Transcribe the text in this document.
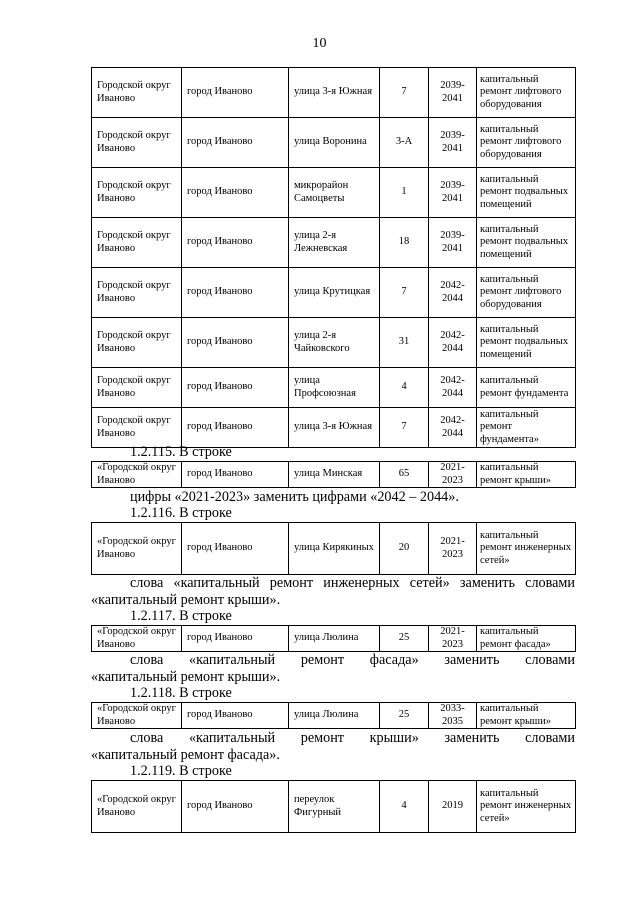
10
Городской округ Иваново	город Иваново	улица 3-я Южная	7	2039-2041	капитальный ремонт лифтового оборудования
Городской округ Иваново	город Иваново	улица Воронина	3-А	2039-2041	капитальный ремонт лифтового оборудования
Городской округ Иваново	город Иваново	микрорайон Самоцветы	1	2039-2041	капитальный ремонт подвальных помещений
Городской округ Иваново	город Иваново	улица 2-я Лежневская	18	2039-2041	капитальный ремонт подвальных помещений
Городской округ Иваново	город Иваново	улица Крутицкая	7	2042-2044	капитальный ремонт лифтового оборудования
Городской округ Иваново	город Иваново	улица 2-я Чайковского	31	2042-2044	капитальный ремонт подвальных помещений
Городской округ Иваново	город Иваново	улица Профсоюзная	4	2042-2044	капитальный ремонт фундамента
Городской округ Иваново	город Иваново	улица 3-я Южная	7	2042-2044	капитальный ремонт фундамента»

1.2.115. В строке

«Городской округ Иваново	город Иваново	улица Минская	65	2021-2023	капитальный ремонт крыши»

цифры «2021-2023» заменить цифрами «2042 – 2044».

1.2.116. В строке

«Городской округ Иваново	город Иваново	улица Кирякиных	20	2021-2023	капитальный ремонт инженерных сетей»

слова «капитальный ремонт инженерных сетей» заменить словами

«капитальный ремонт крыши».

1.2.117. В строке

«Городской округ Иваново	город Иваново	улица Люлина	25	2021-2023	капитальный ремонт фасада»

слова «капитальный ремонт фасада» заменить словами

«капитальный ремонт крыши».

1.2.118. В строке

«Городской округ Иваново	город Иваново	улица Люлина	25	2033-2035	капитальный ремонт крыши»

слова «капитальный ремонт крыши» заменить словами

«капитальный ремонт фасада».

1.2.119. В строке

«Городской округ Иваново	город Иваново	переулок Фигурный	4	2019	капитальный ремонт инженерных сетей»
